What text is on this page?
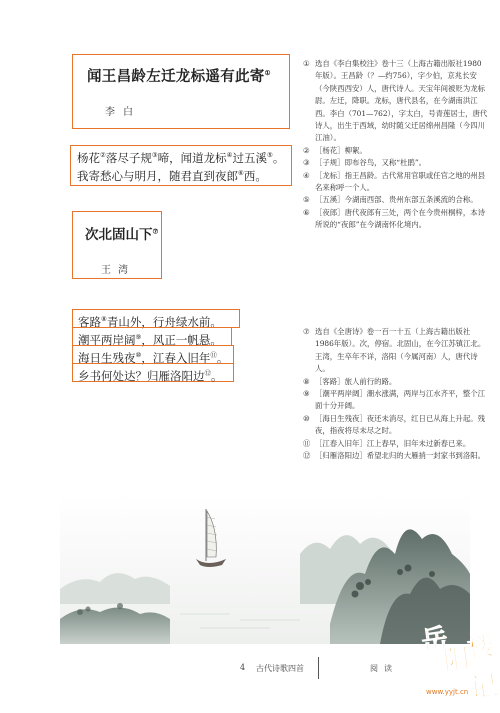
闻王昌龄左迁龙标遥有此寄①
李白
杨花②落尽子规③啼，闻道龙标④过五溪⑤。
我寄愁心与明月，随君直到夜郎⑥西。
次北固山下⑦
王湾
客路⑧青山外，行舟绿水前。
潮平两岸阔⑨，风正一帆悬。
海日生残夜⑩，江春入旧年⑪。
乡书何处达？归雁洛阳边⑫。
① 选自《李白集校注》卷十三（上海古籍出版社1980年版）。王昌龄（？—约756），字少伯，京兆长安（今陕西西安）人，唐代诗人。天宝年间被贬为龙标尉。左迁，降职。龙标，唐代县名，在今湖南洪江西。李白（701—762），字太白，号青莲居士，唐代诗人，出生于西域，幼时随父迁居绵州昌隆（今四川江油）。
② ［杨花］柳絮。
③ ［子规］即布谷鸟，又称“杜鹃”。
④ ［龙标］指王昌龄。古代常用官职或任官之地的州县名来称呼一个人。
⑤ ［五溪］今湖南西部、贵州东部五条溪流的合称。
⑥ ［夜郎］唐代夜郎有三处，两个在今贵州桐梓，本诗所说的“夜郎”在今湖南怀化境内。
⑦ 选自《全唐诗》卷一百一十五（上海古籍出版社1986年版）。次，停宿。北固山，在今江苏镇江北。王湾，生卒年不详，洛阳（今属河南）人，唐代诗人。
⑧ ［客路］旅人前行的路。
⑨ ［潮平两岸阔］潮水涨满，两岸与江水齐平，整个江面十分开阔。
⑩ ［海日生残夜］夜还未消尽，红日已从海上升起。残夜，指夜将尽未尽之时。
⑪ ［江春入旧年］江上春早，旧年未过新春已来。
⑫ ［归雁洛阳边］希望北归的大雁捎一封家书到洛阳。
4 古代诗歌四首	阅读
岳
阳
楼
记
www.yyjt.cn
